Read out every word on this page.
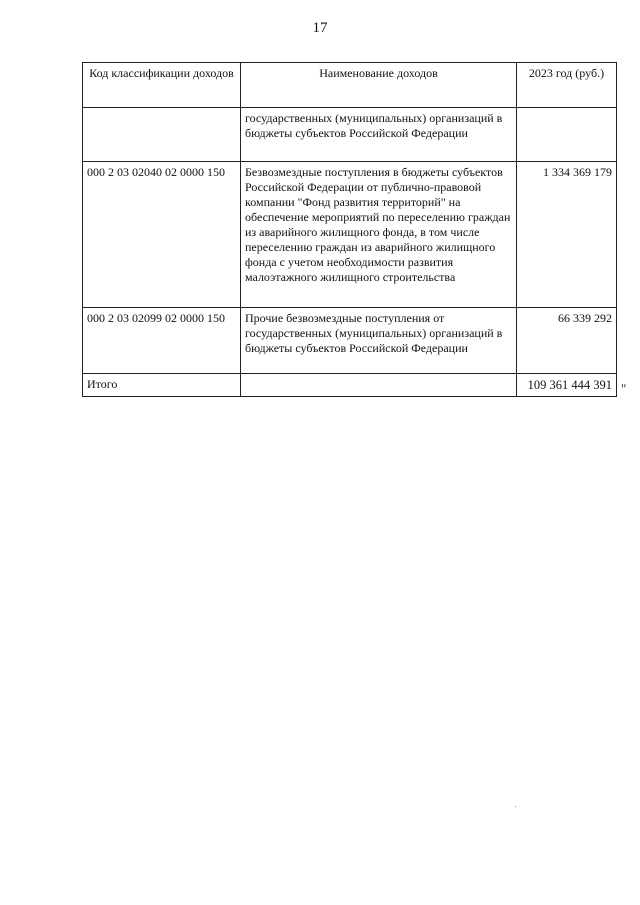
17
Код классификации доходов	Наименование доходов	2023 год (руб.)
	государственных (муниципальных) организаций в бюджеты субъектов Российской Федерации	
000 2 03 02040 02 0000 150	Безвозмездные поступления в бюджеты субъектов Российской Федерации от публично-правовой компании "Фонд развития территорий" на обеспечение мероприятий по переселению граждан из аварийного жилищного фонда, в том числе переселению граждан из аварийного жилищного фонда с учетом необходимости развития малоэтажного жилищного строительства	1 334 369 179
000 2 03 02099 02 0000 150	Прочие безвозмездные поступления от государственных (муниципальных) организаций в бюджеты субъектов Российской Федерации	66 339 292
Итого		109 361 444 391 "
